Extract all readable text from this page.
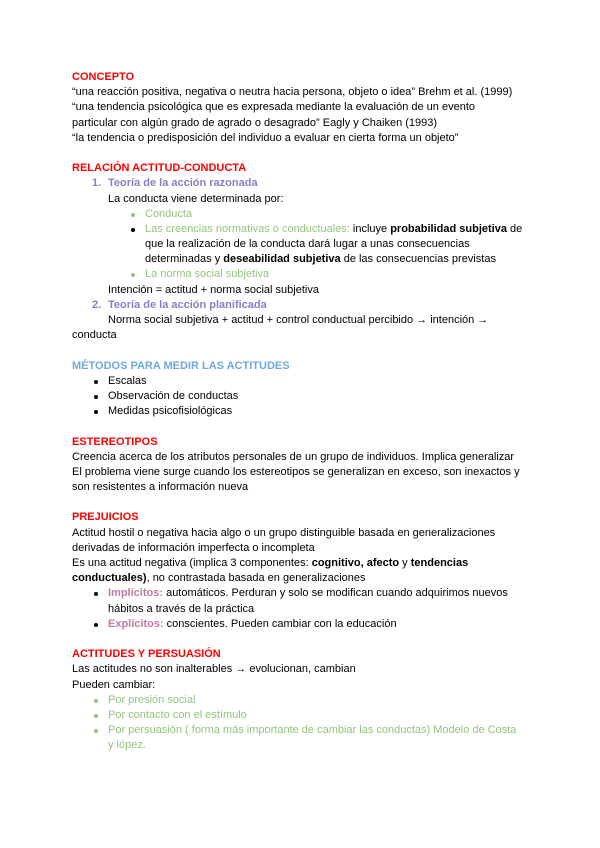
CONCEPTO
“una reacción positiva, negativa o neutra hacia persona, objeto o idea” Brehm et al. (1999)
“una tendencia psicológica que es expresada mediante la evaluación de un evento
particular con algún grado de agrado o desagrado” Eagly y Chaiken (1993)
“la tendencia o predisposición del individuo a evaluar en cierta forma un objeto”
RELACIÓN ACTITUD-CONDUCTA
1. Teoría de la acción razonada
La conducta viene determinada por:
Conducta
Las creencias normativas o conductuales: incluye probabilidad subjetiva de
que la realización de la conducta dará lugar a unas consecuencias
determinadas y deseabilidad subjetiva de las consecuencias previstas
La norma social subjetiva
Intención = actitud + norma social subjetiva
2. Teoría de la acción planificada
Norma social subjetiva + actitud + control conductual percibido → intención →
conducta
MÉTODOS PARA MEDIR LAS ACTITUDES
Escalas
Observación de conductas
Medidas psicofisiológicas
ESTEREOTIPOS
Creencia acerca de los atributos personales de un grupo de individuos. Implica generalizar
El problema viene surge cuando los estereotipos se generalizan en exceso, son inexactos y
son resistentes a información nueva
PREJUICIOS
Actitud hostil o negativa hacia algo o un grupo distinguible basada en generalizaciones
derivadas de información imperfecta o incompleta
Es una actitud negativa (implica 3 componentes: cognitivo, afecto y tendencias
conductuales), no contrastada basada en generalizaciones
Implícitos: automáticos. Perduran y solo se modifican cuando adquirimos nuevos
hábitos a través de la práctica
Explícitos: conscientes. Pueden cambiar con la educación
ACTITUDES Y PERSUASIÓN
Las actitudes no son inalterables → evolucionan, cambian
Pueden cambiar:
Por presión social
Por contacto con el estímulo
Por persuasión ( forma más importante de cambiar las conductas) Modelo de Costa
y lópez.
